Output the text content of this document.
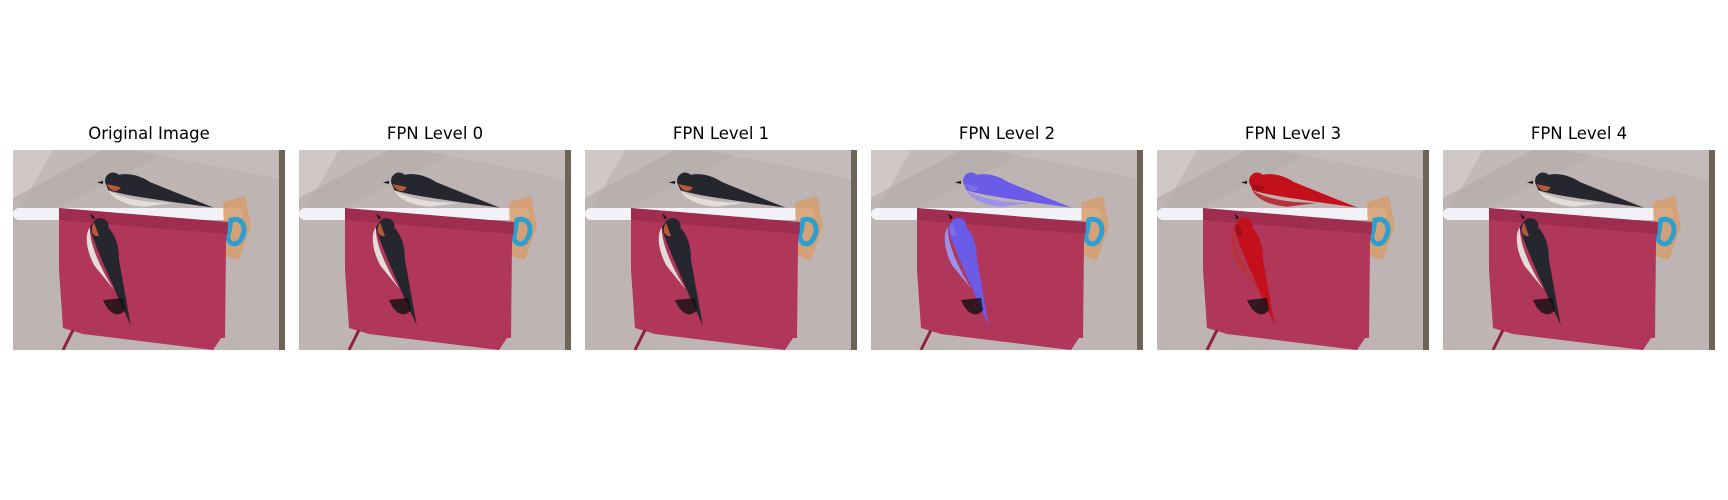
Original Image	FPN Level 0	FPN Level 1	FPN Level 2	FPN Level 3	FPN Level 4
